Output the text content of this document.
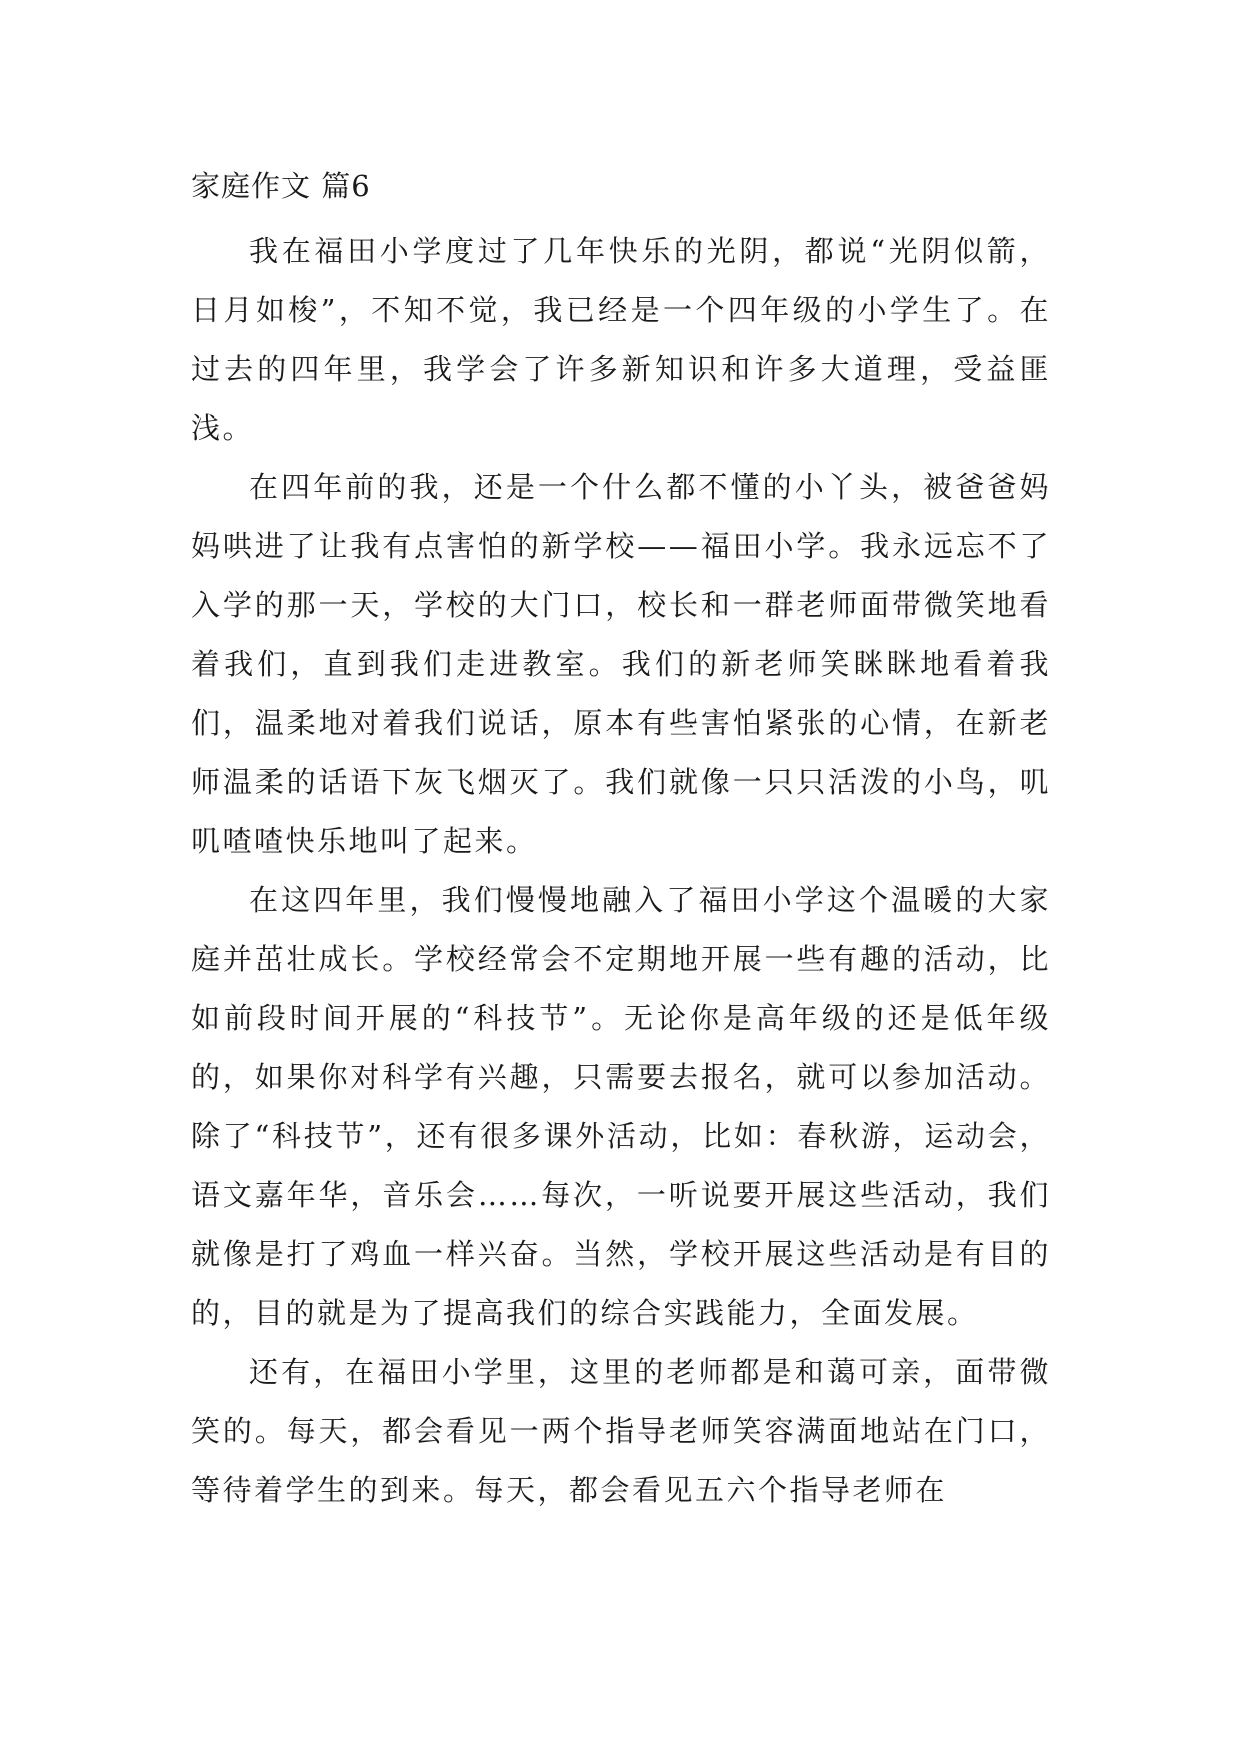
家庭作文 篇6

我在福田小学度过了几年快乐的光阴，都说“光阴似箭，日月如梭”，不知不觉，我已经是一个四年级的小学生了。在过去的四年里，我学会了许多新知识和许多大道理，受益匪浅。

在四年前的我，还是一个什么都不懂的小丫头，被爸爸妈妈哄进了让我有点害怕的新学校——福田小学。我永远忘不了入学的那一天，学校的大门口，校长和一群老师面带微笑地看着我们，直到我们走进教室。我们的新老师笑眯眯地看着我们，温柔地对着我们说话，原本有些害怕紧张的心情，在新老师温柔的话语下灰飞烟灭了。我们就像一只只活泼的小鸟，叽叽喳喳快乐地叫了起来。

在这四年里，我们慢慢地融入了福田小学这个温暖的大家庭并茁壮成长。学校经常会不定期地开展一些有趣的活动，比如前段时间开展的“科技节”。无论你是高年级的还是低年级的，如果你对科学有兴趣，只需要去报名，就可以参加活动。除了“科技节”，还有很多课外活动，比如：春秋游，运动会，语文嘉年华，音乐会……每次，一听说要开展这些活动，我们就像是打了鸡血一样兴奋。当然，学校开展这些活动是有目的的，目的就是为了提高我们的综合实践能力，全面发展。

还有，在福田小学里，这里的老师都是和蔼可亲，面带微笑的。每天，都会看见一两个指导老师笑容满面地站在门口，等待着学生的到来。每天，都会看见五六个指导老师在
